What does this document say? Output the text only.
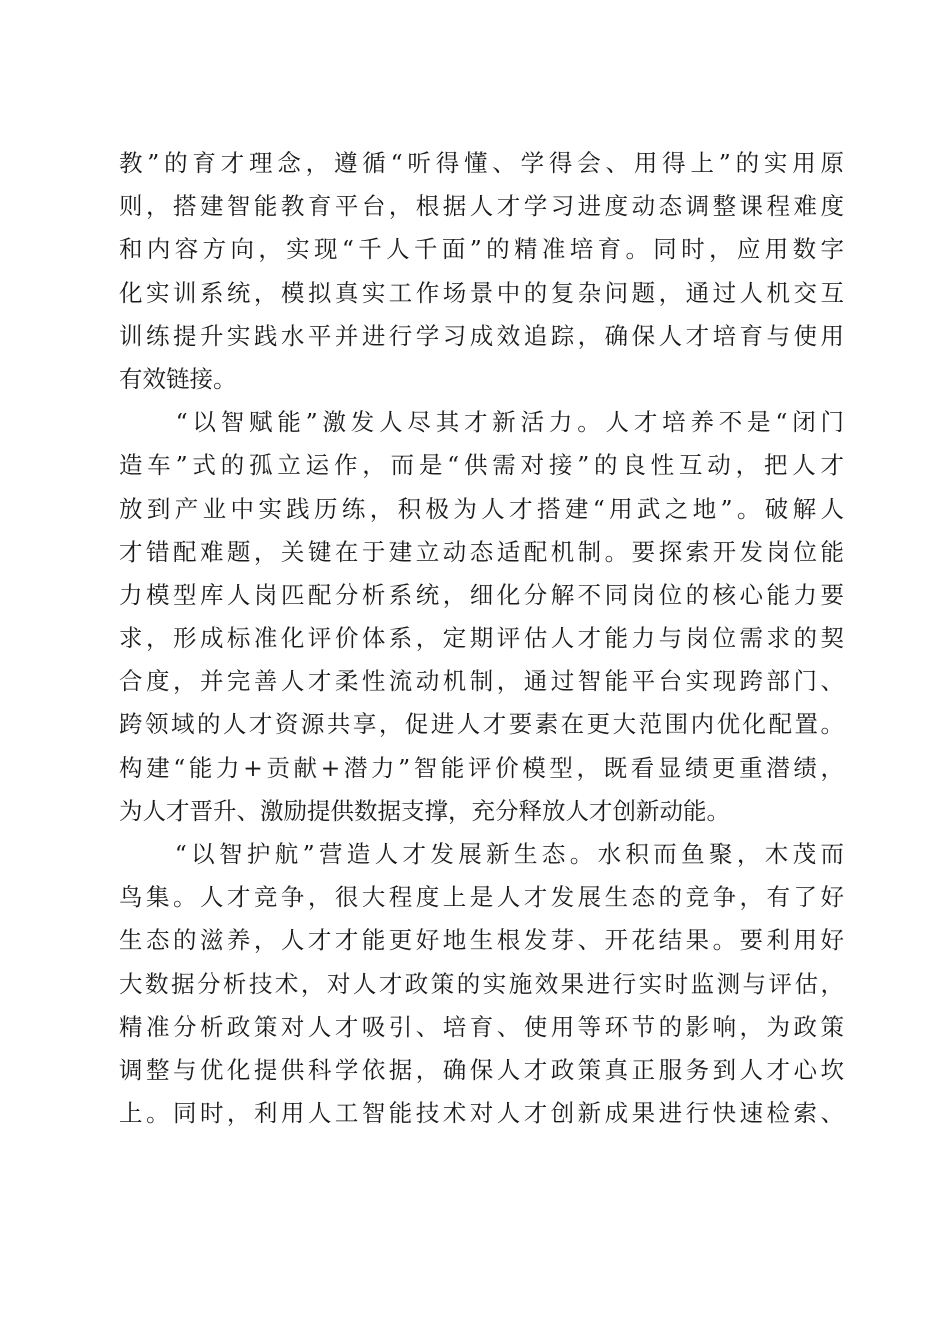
教”的育才理念，遵循“听得懂、学得会、用得上”的实用原
则，搭建智能教育平台，根据人才学习进度动态调整课程难度
和内容方向，实现“千人千面”的精准培育。同时，应用数字
化实训系统，模拟真实工作场景中的复杂问题，通过人机交互
训练提升实践水平并进行学习成效追踪，确保人才培育与使用
有效链接。
　　“以智赋能”激发人尽其才新活力。人才培养不是“闭门
造车”式的孤立运作，而是“供需对接”的良性互动，把人才
放到产业中实践历练，积极为人才搭建“用武之地”。破解人
才错配难题，关键在于建立动态适配机制。要探索开发岗位能
力模型库人岗匹配分析系统，细化分解不同岗位的核心能力要
求，形成标准化评价体系，定期评估人才能力与岗位需求的契
合度，并完善人才柔性流动机制，通过智能平台实现跨部门、
跨领域的人才资源共享，促进人才要素在更大范围内优化配置。
构建“能力+贡献+潜力”智能评价模型，既看显绩更重潜绩，
为人才晋升、激励提供数据支撑，充分释放人才创新动能。
　　“以智护航”营造人才发展新生态。水积而鱼聚，木茂而
鸟集。人才竞争，很大程度上是人才发展生态的竞争，有了好
生态的滋养，人才才能更好地生根发芽、开花结果。要利用好
大数据分析技术，对人才政策的实施效果进行实时监测与评估，
精准分析政策对人才吸引、培育、使用等环节的影响，为政策
调整与优化提供科学依据，确保人才政策真正服务到人才心坎
上。同时，利用人工智能技术对人才创新成果进行快速检索、
